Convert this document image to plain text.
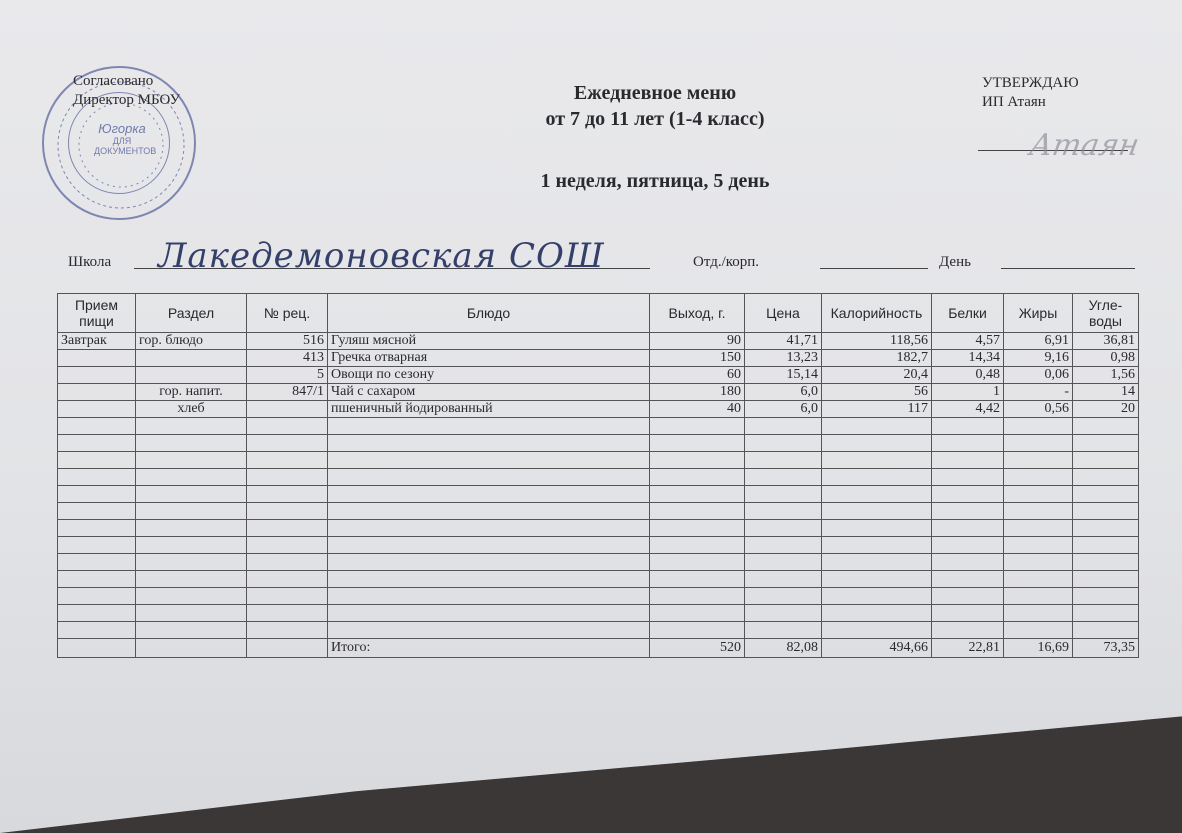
Югорка
ДЛЯ
ДОКУМЕНТОВ
Согласовано
Директор МБОУ	Ежедневное меню
от 7 до 11 лет (1-4 класс)
1 неделя, пятница, 5 день
УТВЕРЖДАЮ
ИП Атаян
Атаян
Школа Лакедемоновская СОШ	Отд./корп.	День
Прием пищи	Раздел	№ рец.	Блюдо	Выход, г.	Цена	Калорийность	Белки	Жиры	Угле-воды
Завтрак	гор. блюдо	516	Гуляш мясной	90	41,71	118,56	4,57	6,91	36,81
		413	Гречка отварная	150	13,23	182,7	14,34	9,16	0,98
		5	Овощи по сезону	60	15,14	20,4	0,48	0,06	1,56
	гор. напит.	847/1	Чай с сахаром	180	6,0	56	1	-	14
	хлеб		пшеничный йодированный	40	6,0	117	4,42	0,56	20

			Итого:	520	82,08	494,66	22,81	16,69	73,35
